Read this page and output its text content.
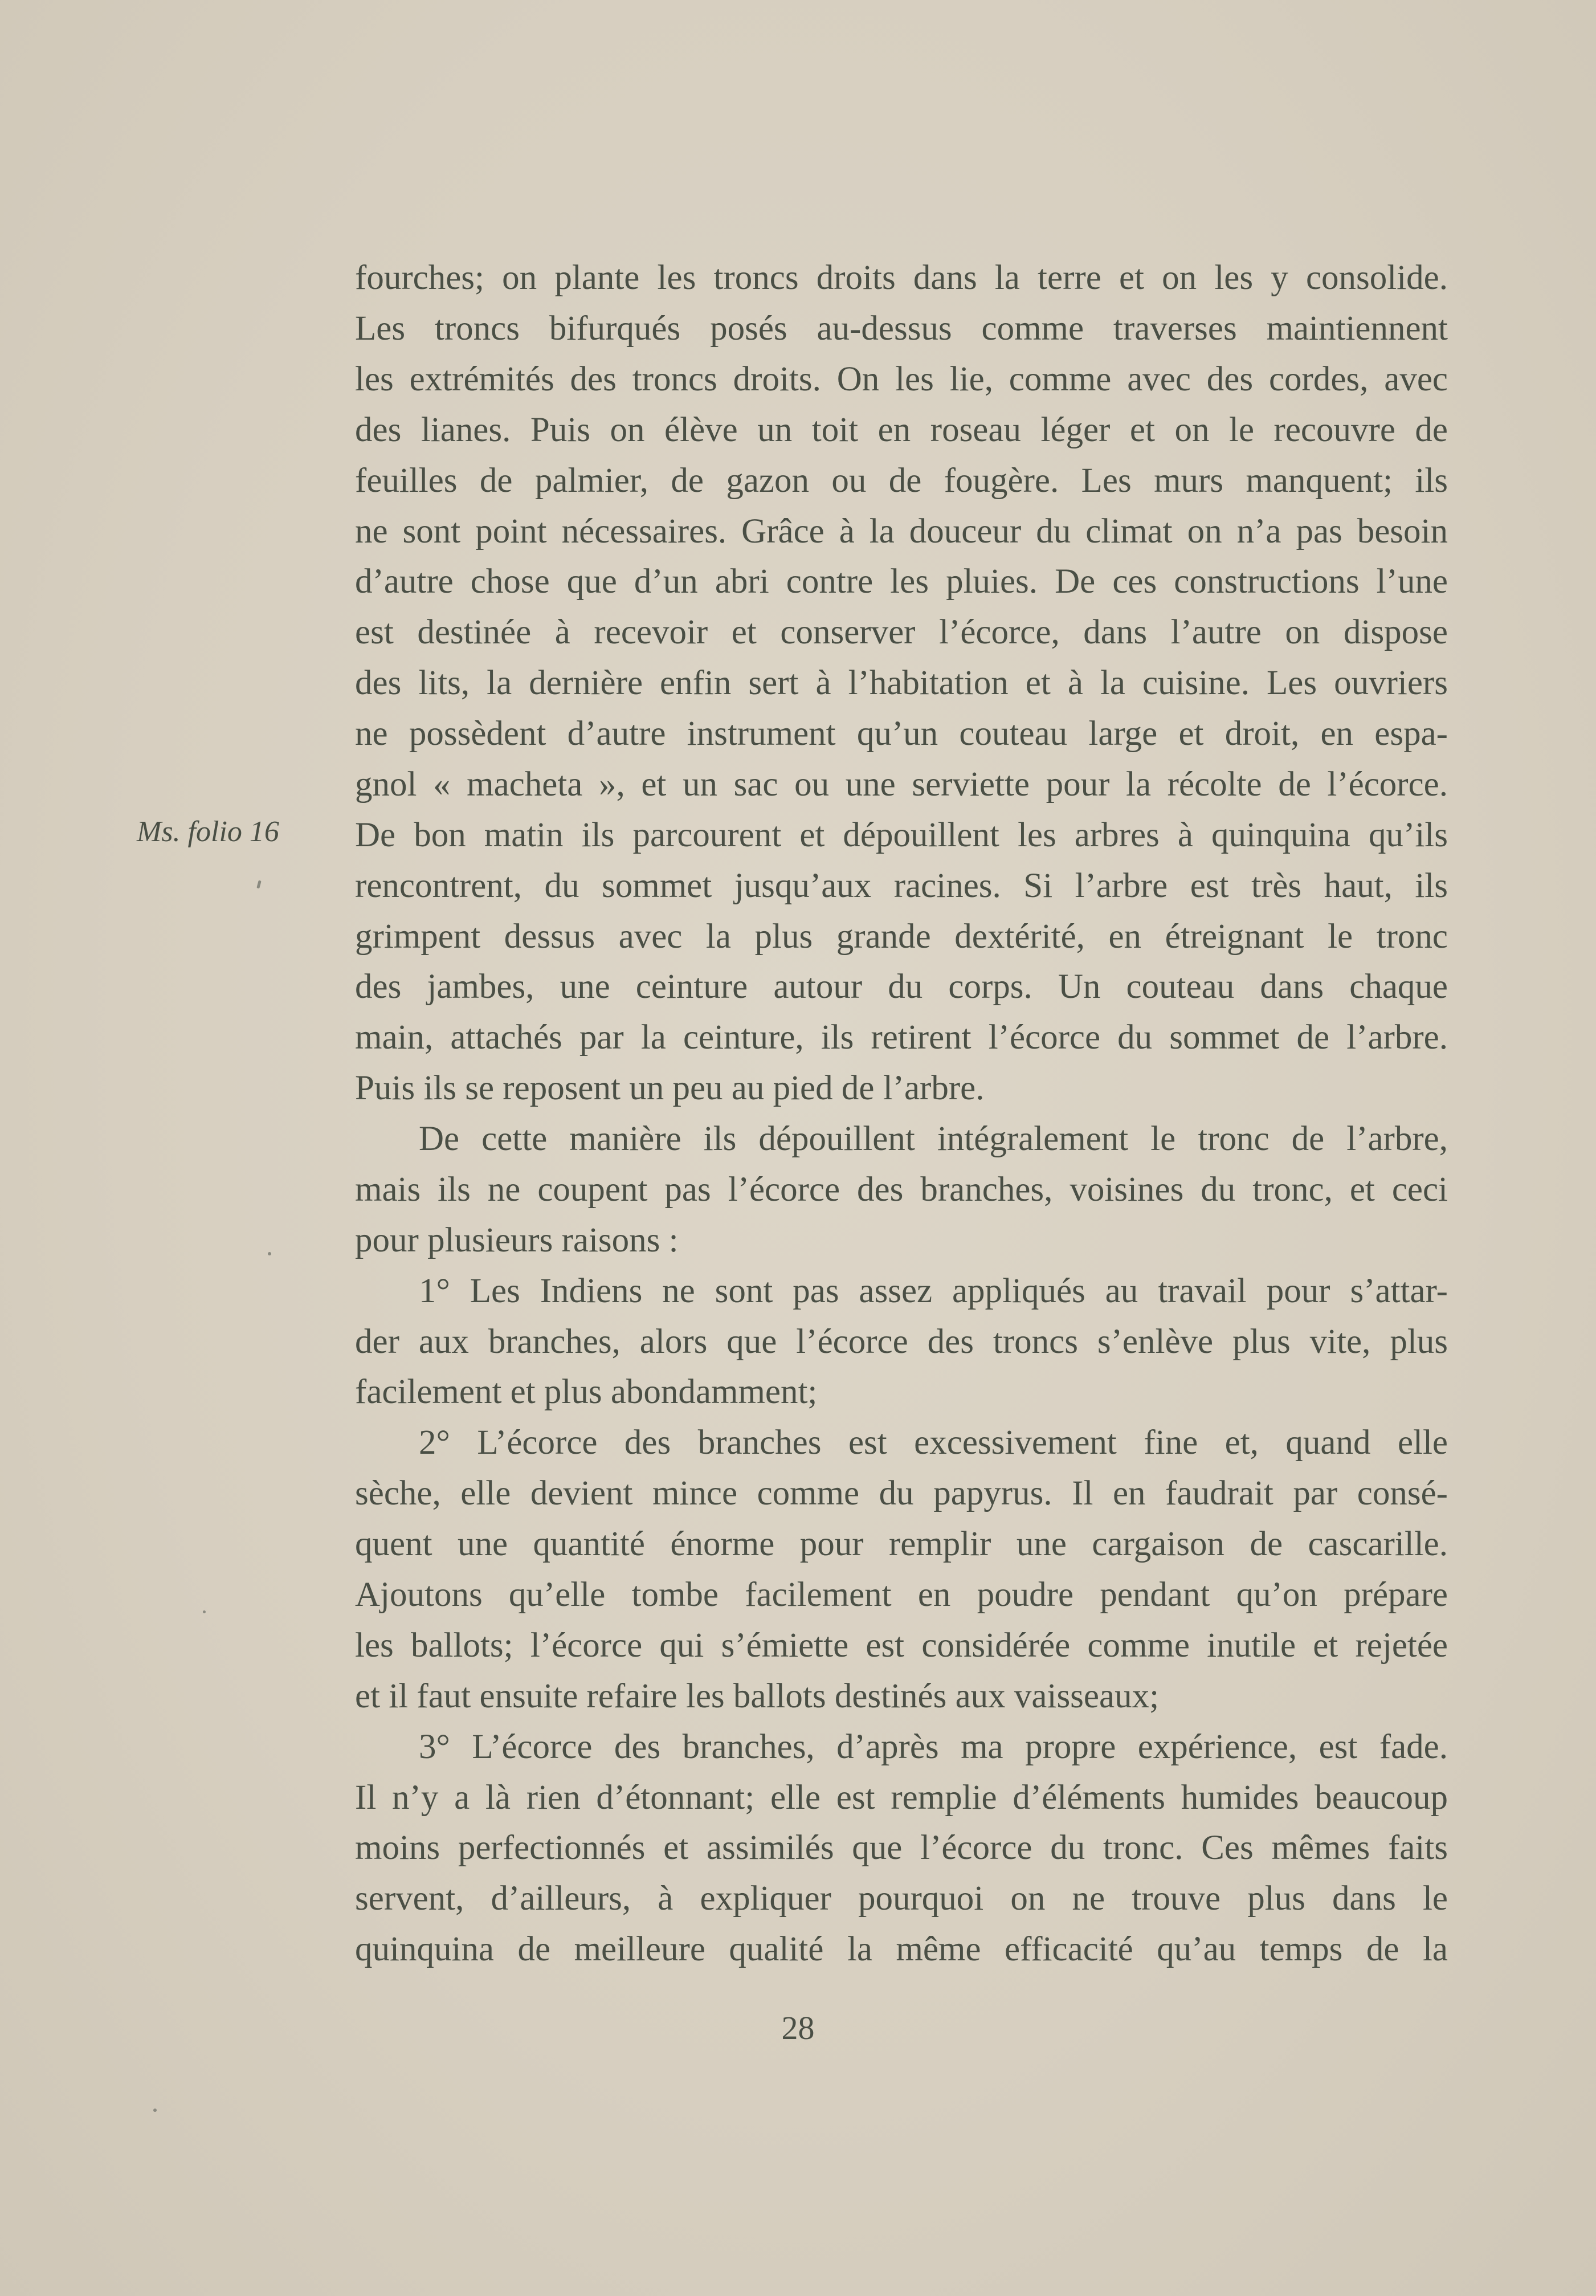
fourches; on plante les troncs droits dans la terre et on les y consolide.
Les troncs bifurqués posés au-dessus comme traverses maintiennent
les extrémités des troncs droits. On les lie, comme avec des cordes, avec
des lianes. Puis on élève un toit en roseau léger et on le recouvre de
feuilles de palmier, de gazon ou de fougère. Les murs manquent; ils
ne sont point nécessaires. Grâce à la douceur du climat on n’a pas besoin
d’autre chose que d’un abri contre les pluies. De ces constructions l’une
est destinée à recevoir et conserver l’écorce, dans l’autre on dispose
des lits, la dernière enfin sert à l’habitation et à la cuisine. Les ouvriers
ne possèdent d’autre instrument qu’un couteau large et droit, en espa-
gnol « macheta », et un sac ou une serviette pour la récolte de l’écorce.
De bon matin ils parcourent et dépouillent les arbres à quinquina qu’ils
rencontrent, du sommet jusqu’aux racines. Si l’arbre est très haut, ils
grimpent dessus avec la plus grande dextérité, en étreignant le tronc
des jambes, une ceinture autour du corps. Un couteau dans chaque
main, attachés par la ceinture, ils retirent l’écorce du sommet de l’arbre.
Puis ils se reposent un peu au pied de l’arbre.
De cette manière ils dépouillent intégralement le tronc de l’arbre,
mais ils ne coupent pas l’écorce des branches, voisines du tronc, et ceci
pour plusieurs raisons :
1° Les Indiens ne sont pas assez appliqués au travail pour s’attar-
der aux branches, alors que l’écorce des troncs s’enlève plus vite, plus
facilement et plus abondamment;
2° L’écorce des branches est excessivement fine et, quand elle
sèche, elle devient mince comme du papyrus. Il en faudrait par consé-
quent une quantité énorme pour remplir une cargaison de cascarille.
Ajoutons qu’elle tombe facilement en poudre pendant qu’on prépare
les ballots; l’écorce qui s’émiette est considérée comme inutile et rejetée
et il faut ensuite refaire les ballots destinés aux vaisseaux;
3° L’écorce des branches, d’après ma propre expérience, est fade.
Il n’y a là rien d’étonnant; elle est remplie d’éléments humides beaucoup
moins perfectionnés et assimilés que l’écorce du tronc. Ces mêmes faits
servent, d’ailleurs, à expliquer pourquoi on ne trouve plus dans le
quinquina de meilleure qualité la même efficacité qu’au temps de la
Ms. folio 16
28
